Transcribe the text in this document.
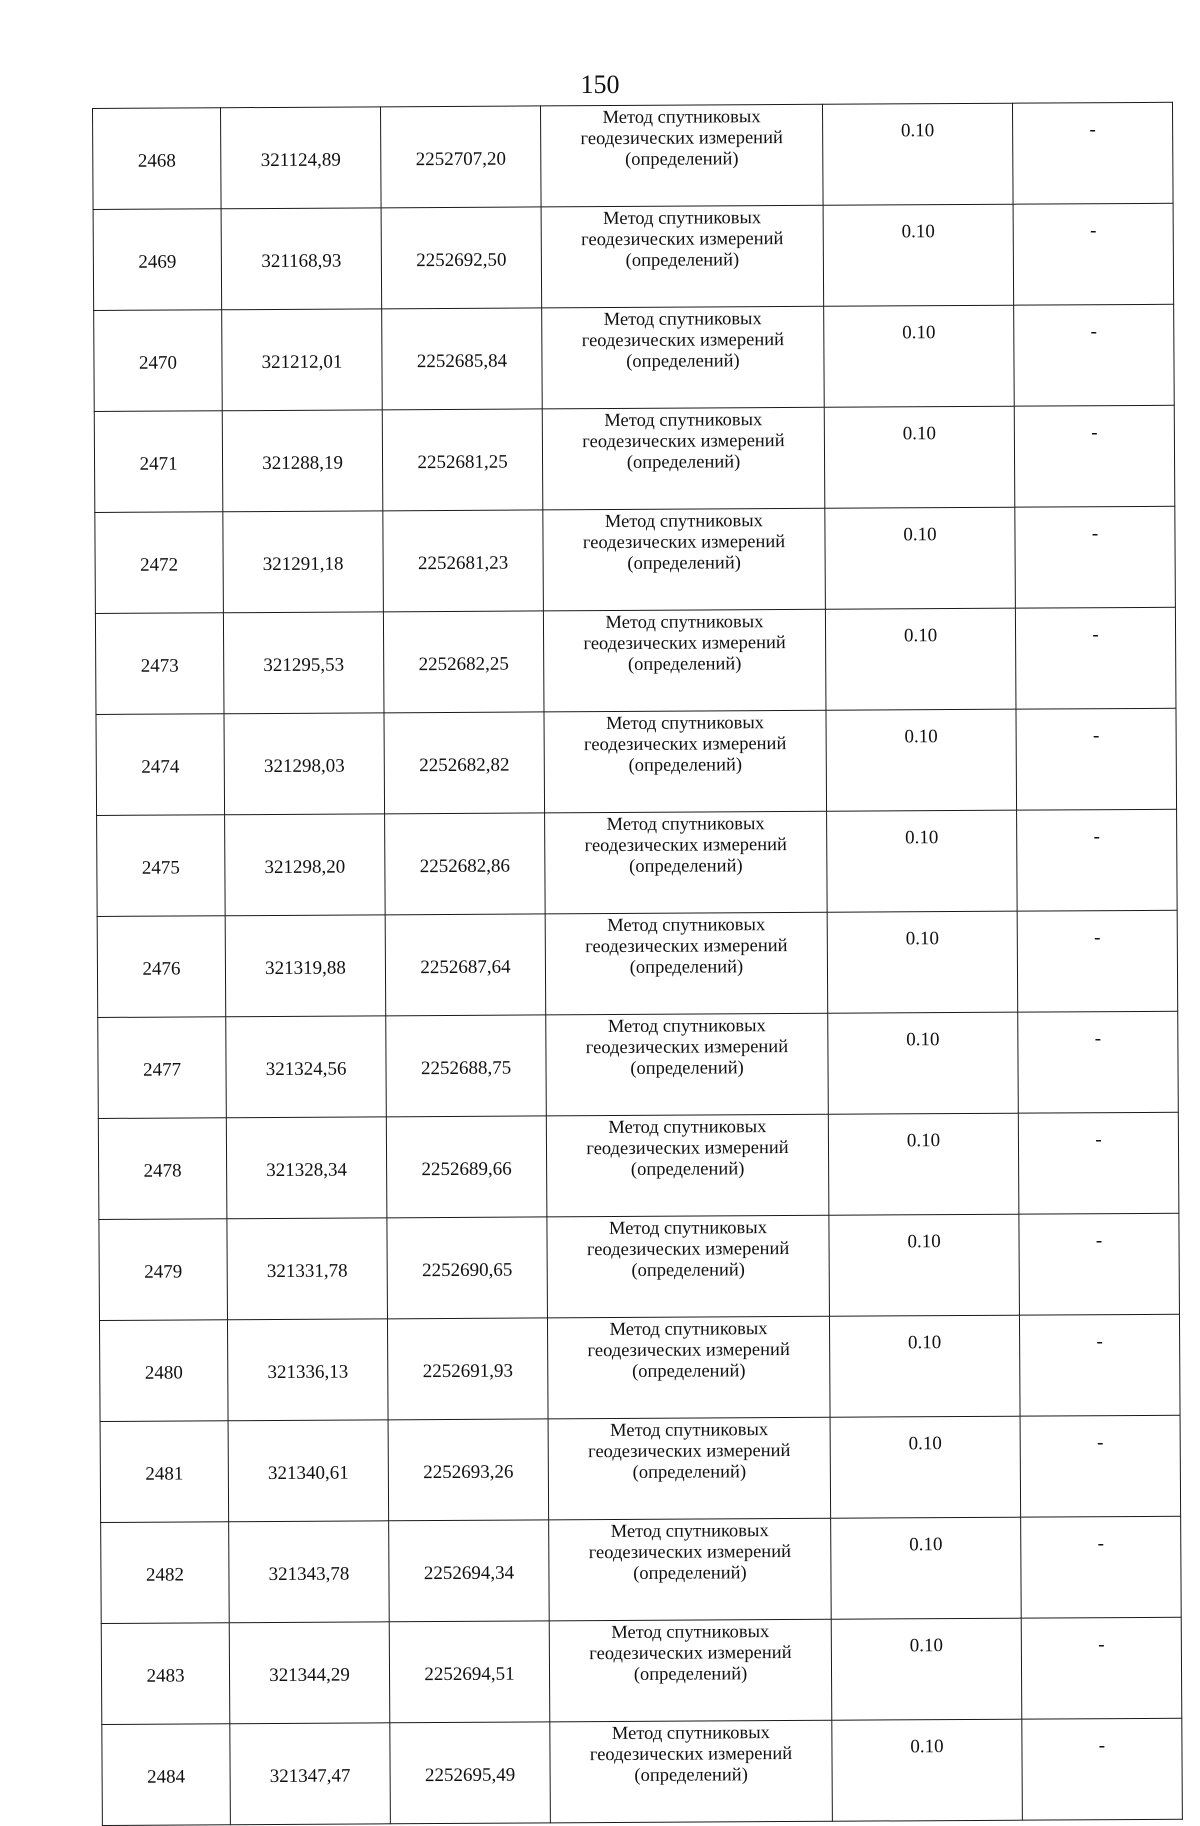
150
2468	321124,89	2252707,20	Метод спутниковых
геодезических измерений
(определений)	0.10	-
2469	321168,93	2252692,50	Метод спутниковых
геодезических измерений
(определений)	0.10	-
2470	321212,01	2252685,84	Метод спутниковых
геодезических измерений
(определений)	0.10	-
2471	321288,19	2252681,25	Метод спутниковых
геодезических измерений
(определений)	0.10	-
2472	321291,18	2252681,23	Метод спутниковых
геодезических измерений
(определений)	0.10	-
2473	321295,53	2252682,25	Метод спутниковых
геодезических измерений
(определений)	0.10	-
2474	321298,03	2252682,82	Метод спутниковых
геодезических измерений
(определений)	0.10	-
2475	321298,20	2252682,86	Метод спутниковых
геодезических измерений
(определений)	0.10	-
2476	321319,88	2252687,64	Метод спутниковых
геодезических измерений
(определений)	0.10	-
2477	321324,56	2252688,75	Метод спутниковых
геодезических измерений
(определений)	0.10	-
2478	321328,34	2252689,66	Метод спутниковых
геодезических измерений
(определений)	0.10	-
2479	321331,78	2252690,65	Метод спутниковых
геодезических измерений
(определений)	0.10	-
2480	321336,13	2252691,93	Метод спутниковых
геодезических измерений
(определений)	0.10	-
2481	321340,61	2252693,26	Метод спутниковых
геодезических измерений
(определений)	0.10	-
2482	321343,78	2252694,34	Метод спутниковых
геодезических измерений
(определений)	0.10	-
2483	321344,29	2252694,51	Метод спутниковых
геодезических измерений
(определений)	0.10	-
2484	321347,47	2252695,49	Метод спутниковых
геодезических измерений
(определений)	0.10	-
